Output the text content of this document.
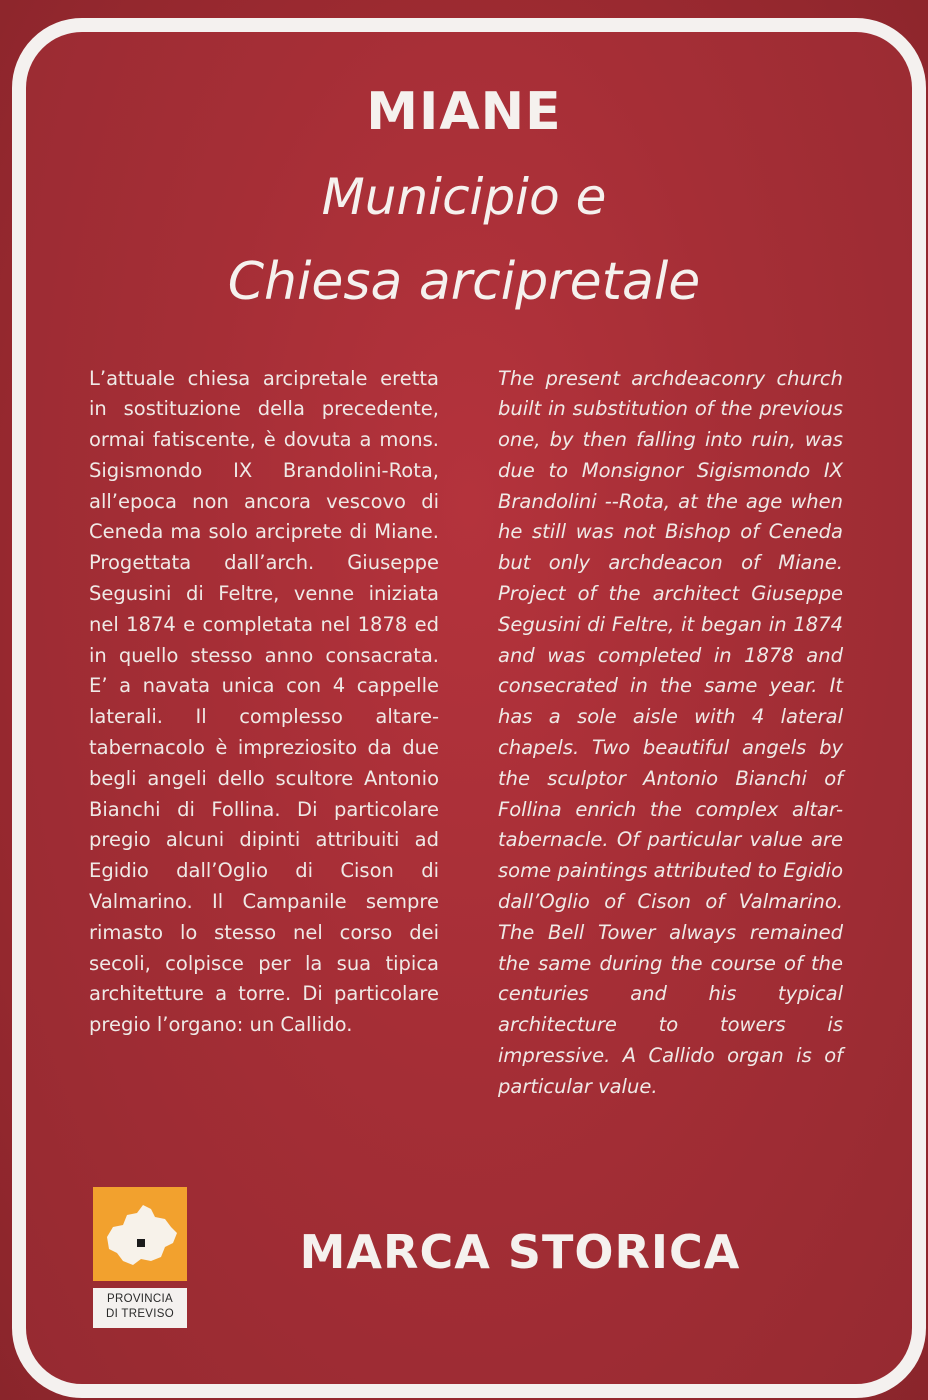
MIANE
Municipio e
Chiesa arcipretale

L’attuale chiesa arcipretale eretta in sostituzione della precedente, ormai fatiscente, è dovuta a mons. Sigismondo IX Brandolini-Rota, all’epoca non ancora vescovo di Ceneda ma solo arciprete di Miane. Progettata dall’arch. Giuseppe Segusini di Feltre, venne iniziata nel 1874 e completata nel 1878 ed in quello stesso anno consacrata. E’ a navata unica con 4 cappelle laterali. Il complesso altare-tabernacolo è impreziosito da due begli angeli dello scultore Antonio Bianchi di Follina. Di particolare pregio alcuni dipinti attribuiti ad Egidio dall’Oglio di Cison di Valmarino. Il Campanile sempre rimasto lo stesso nel corso dei secoli, colpisce per la sua tipica architetture a torre. Di particolare pregio l’organo: un Callido.

The present archdeaconry church built in substitution of the previous one, by then falling into ruin, was due to Monsignor Sigismondo IX Brandolini --Rota, at the age when he still was not Bishop of Ceneda but only archdeacon of Miane. Project of the architect Giuseppe Segusini di Feltre, it began in 1874 and was completed in 1878 and consecrated in the same year. It has a sole aisle with 4 lateral chapels. Two beautiful angels by the sculptor Antonio Bianchi of Follina enrich the complex altar-tabernacle. Of particular value are some paintings attributed to Egidio dall’Oglio of Cison of Valmarino. The Bell Tower always remained the same during the course of the centuries and his typical architecture to towers is impressive. A Callido organ is of particular value.

PROVINCIA
DI TREVISO
MARCA STORICA
